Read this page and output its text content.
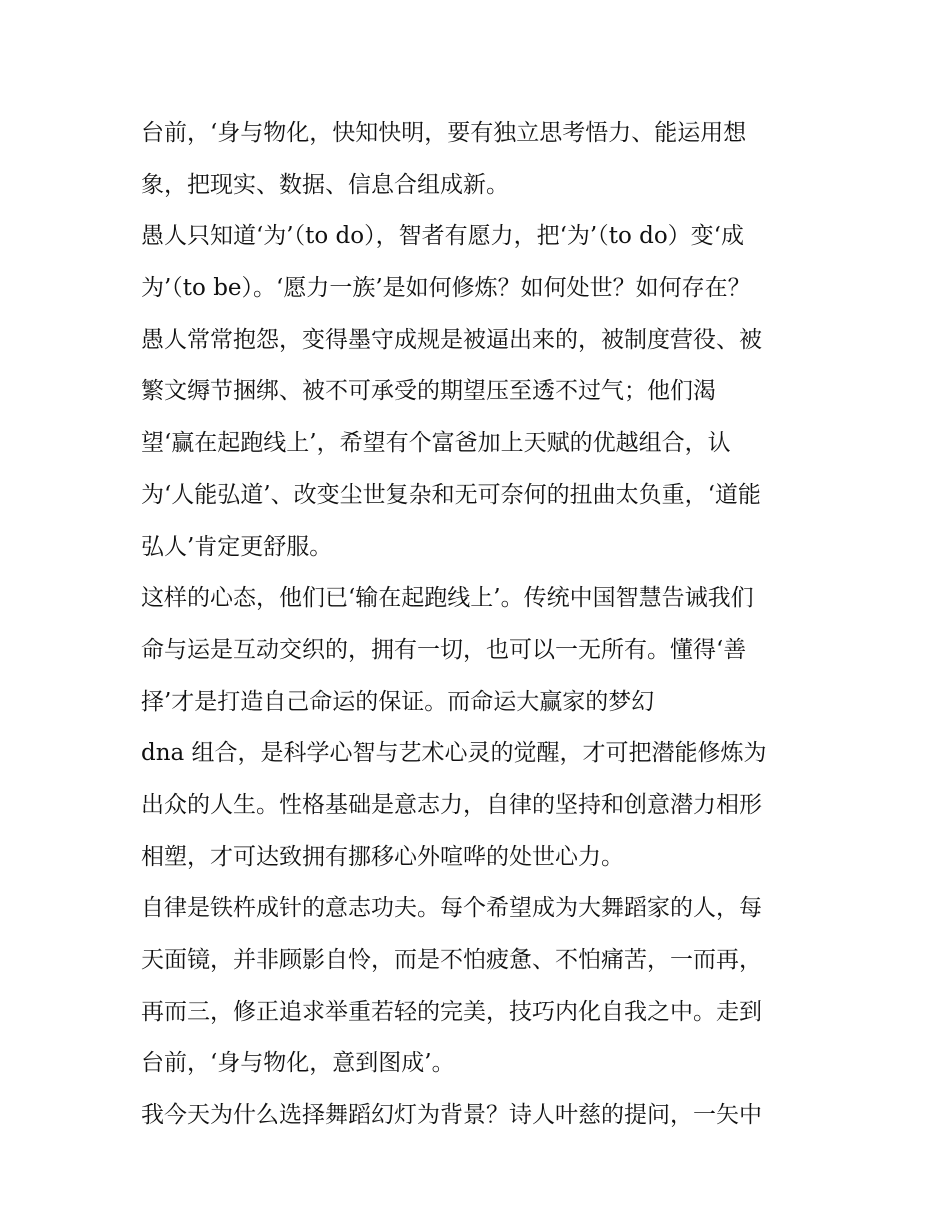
台前，‘身与物化，快知快明，要有独立思考悟力、能运用想
象，把现实、数据、信息合组成新。
愚人只知道‘为’（to do），智者有愿力，把‘为’（to do）变‘成
为’（to be）。‘愿力一族’是如何修炼？如何处世？如何存在？
愚人常常抱怨，变得墨守成规是被逼出来的，被制度营役、被
繁文缛节捆绑、被不可承受的期望压至透不过气；他们渴
望‘赢在起跑线上’，希望有个富爸加上天赋的优越组合，认
为‘人能弘道’、改变尘世复杂和无可奈何的扭曲太负重，‘道能
弘人’肯定更舒服。
这样的心态，他们已‘输在起跑线上’。传统中国智慧告诫我们
命与运是互动交织的，拥有一切，也可以一无所有。懂得‘善
择’才是打造自己命运的保证。而命运大赢家的梦幻
dna 组合，是科学心智与艺术心灵的觉醒，才可把潜能修炼为
出众的人生。性格基础是意志力，自律的坚持和创意潜力相形
相塑，才可达致拥有挪移心外喧哗的处世心力。
自律是铁杵成针的意志功夫。每个希望成为大舞蹈家的人，每
天面镜，并非顾影自怜，而是不怕疲惫、不怕痛苦，一而再，
再而三，修正追求举重若轻的完美，技巧内化自我之中。走到
台前，‘身与物化，意到图成’。
我今天为什么选择舞蹈幻灯为背景？诗人叶慈的提问，一矢中
